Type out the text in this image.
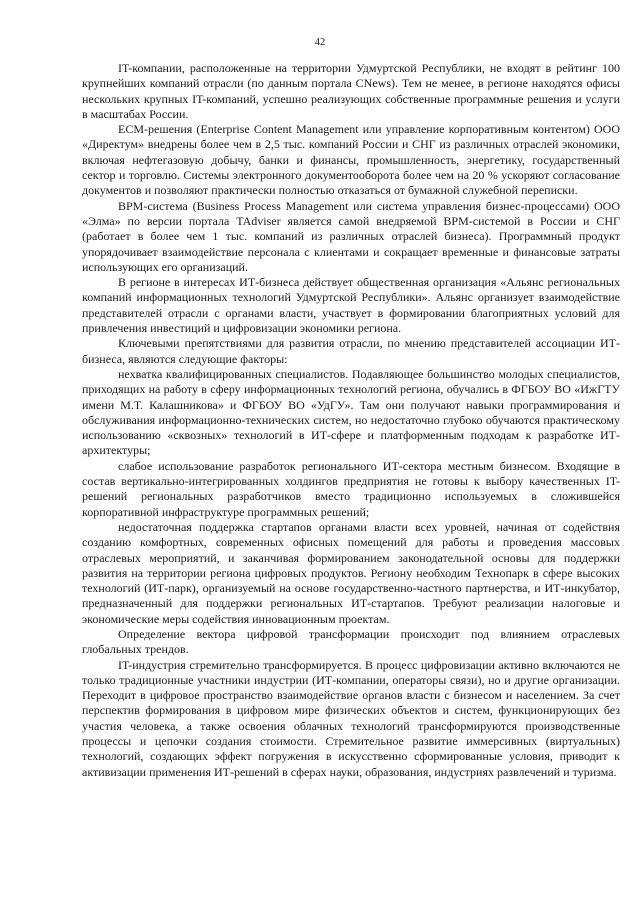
42

IT-компании, расположенные на территории Удмуртской Республики, не входят в рейтинг 100 крупнейших компаний отрасли (по данным портала CNews). Тем не менее, в регионе находятся офисы нескольких крупных IT-компаний, успешно реализующих собственные программные решения и услуги в масштабах России.

ECM-решения (Enterprise Content Management или управление корпоративным контентом) ООО «Директум» внедрены более чем в 2,5 тыс. компаний России и СНГ из различных отраслей экономики, включая нефтегазовую добычу, банки и финансы, промышленность, энергетику, государственный сектор и торговлю. Системы электронного документооборота более чем на 20 % ускоряют согласование документов и позволяют практически полностью отказаться от бумажной служебной переписки.

BPM-система (Business Process Management или система управления бизнес-процессами) ООО «Элма» по версии портала TAdviser является самой внедряемой BPM-системой в России и СНГ (работает в более чем 1 тыс. компаний из различных отраслей бизнеса). Программный продукт упорядочивает взаимодействие персонала с клиентами и сокращает временные и финансовые затраты использующих его организаций.

В регионе в интересах ИТ-бизнеса действует общественная организация «Альянс региональных компаний информационных технологий Удмуртской Республики». Альянс организует взаимодействие представителей отрасли с органами власти, участвует в формировании благоприятных условий для привлечения инвестиций и цифровизации экономики региона.

Ключевыми препятствиями для развития отрасли, по мнению представителей ассоциации ИТ-бизнеса, являются следующие факторы:

нехватка квалифицированных специалистов. Подавляющее большинство молодых специалистов, приходящих на работу в сферу информационных технологий региона, обучались в ФГБОУ ВО «ИжГТУ имени М.Т. Калашникова» и ФГБОУ ВО «УдГУ». Там они получают навыки программирования и обслуживания информационно-технических систем, но недостаточно глубоко обучаются практическому использованию «сквозных» технологий в ИТ-сфере и платформенным подходам к разработке ИТ-архитектуры;

слабое использование разработок регионального ИТ-сектора местным бизнесом. Входящие в состав вертикально-интегрированных холдингов предприятия не готовы к выбору качественных IT-решений региональных разработчиков вместо традиционно используемых в сложившейся корпоративной инфраструктуре программных решений;

недостаточная поддержка стартапов органами власти всех уровней, начиная от содействия созданию комфортных, современных офисных помещений для работы и проведения массовых отраслевых мероприятий, и заканчивая формированием законодательной основы для поддержки развития на территории региона цифровых продуктов. Региону необходим Технопарк в сфере высоких технологий (ИТ-парк), организуемый на основе государственно-частного партнерства, и ИТ-инкубатор, предназначенный для поддержки региональных ИТ-стартапов. Требуют реализации налоговые и экономические меры содействия инновационным проектам.

Определение вектора цифровой трансформации происходит под влиянием отраслевых глобальных трендов.

IT-индустрия стремительно трансформируется. В процесс цифровизации активно включаются не только традиционные участники индустрии (ИТ-компании, операторы связи), но и другие организации. Переходит в цифровое пространство взаимодействие органов власти с бизнесом и населением. За счет перспектив формирования в цифровом мире физических объектов и систем, функционирующих без участия человека, а также освоения облачных технологий трансформируются производственные процессы и цепочки создания стоимости. Стремительное развитие иммерсивных (виртуальных) технологий, создающих эффект погружения в искусственно сформированные условия, приводит к активизации применения ИТ-решений в сферах науки, образования, индустриях развлечений и туризма.
